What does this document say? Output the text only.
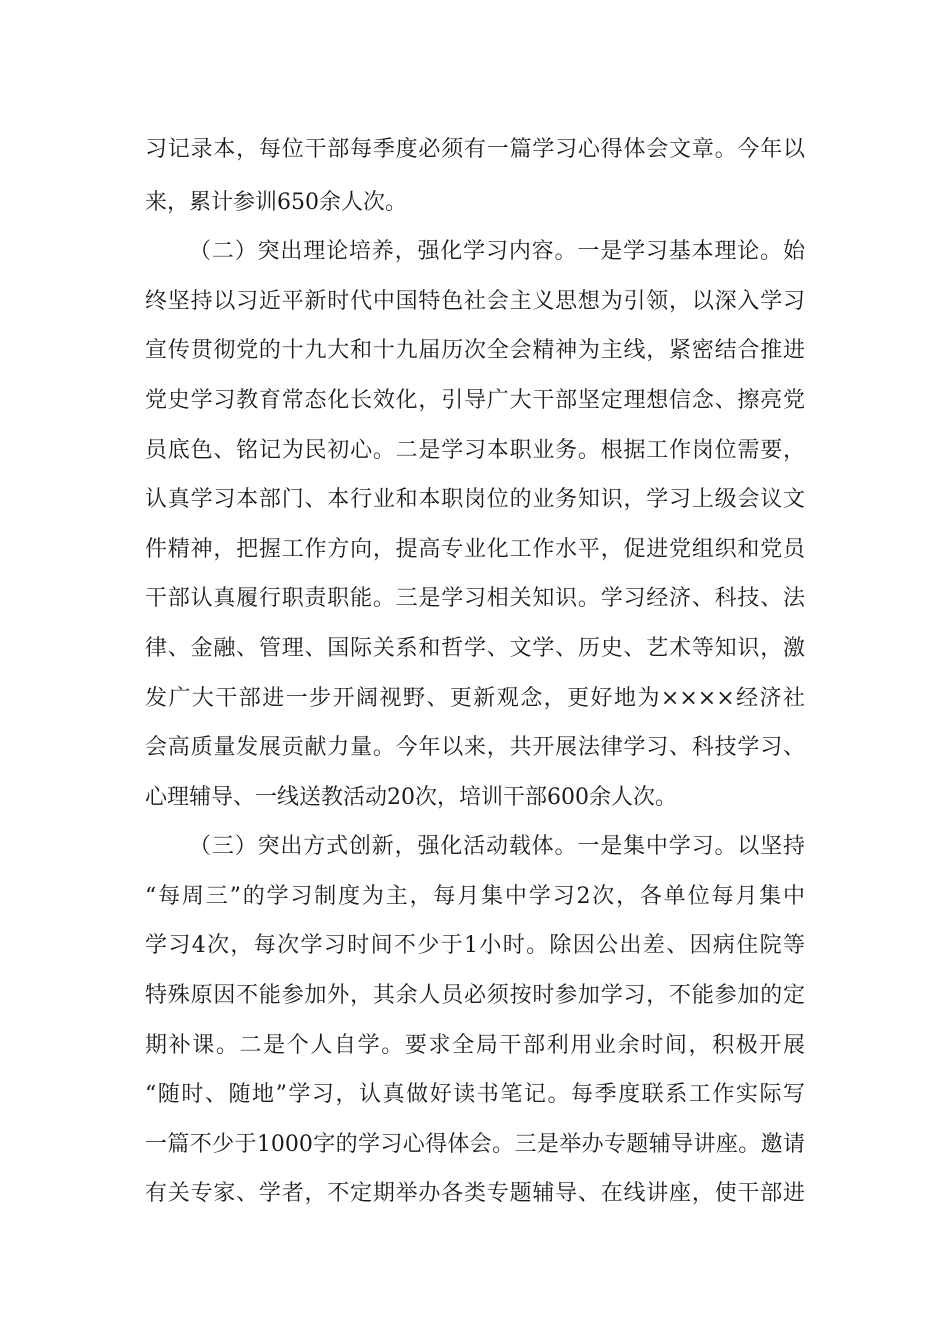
习记录本，每位干部每季度必须有一篇学习心得体会文章。今年以
来，累计参训650余人次。
（二）突出理论培养，强化学习内容。一是学习基本理论。始
终坚持以习近平新时代中国特色社会主义思想为引领，以深入学习
宣传贯彻党的十九大和十九届历次全会精神为主线，紧密结合推进
党史学习教育常态化长效化，引导广大干部坚定理想信念、擦亮党
员底色、铭记为民初心。二是学习本职业务。根据工作岗位需要，
认真学习本部门、本行业和本职岗位的业务知识，学习上级会议文
件精神，把握工作方向，提高专业化工作水平，促进党组织和党员
干部认真履行职责职能。三是学习相关知识。学习经济、科技、法
律、金融、管理、国际关系和哲学、文学、历史、艺术等知识，激
发广大干部进一步开阔视野、更新观念，更好地为××××经济社
会高质量发展贡献力量。今年以来，共开展法律学习、科技学习、
心理辅导、一线送教活动20次，培训干部600余人次。
（三）突出方式创新，强化活动载体。一是集中学习。以坚持
“每周三”的学习制度为主，每月集中学习2次，各单位每月集中
学习4次，每次学习时间不少于1小时。除因公出差、因病住院等
特殊原因不能参加外，其余人员必须按时参加学习，不能参加的定
期补课。二是个人自学。要求全局干部利用业余时间，积极开展
“随时、随地”学习，认真做好读书笔记。每季度联系工作实际写
一篇不少于1000字的学习心得体会。三是举办专题辅导讲座。邀请
有关专家、学者，不定期举办各类专题辅导、在线讲座，使干部进
